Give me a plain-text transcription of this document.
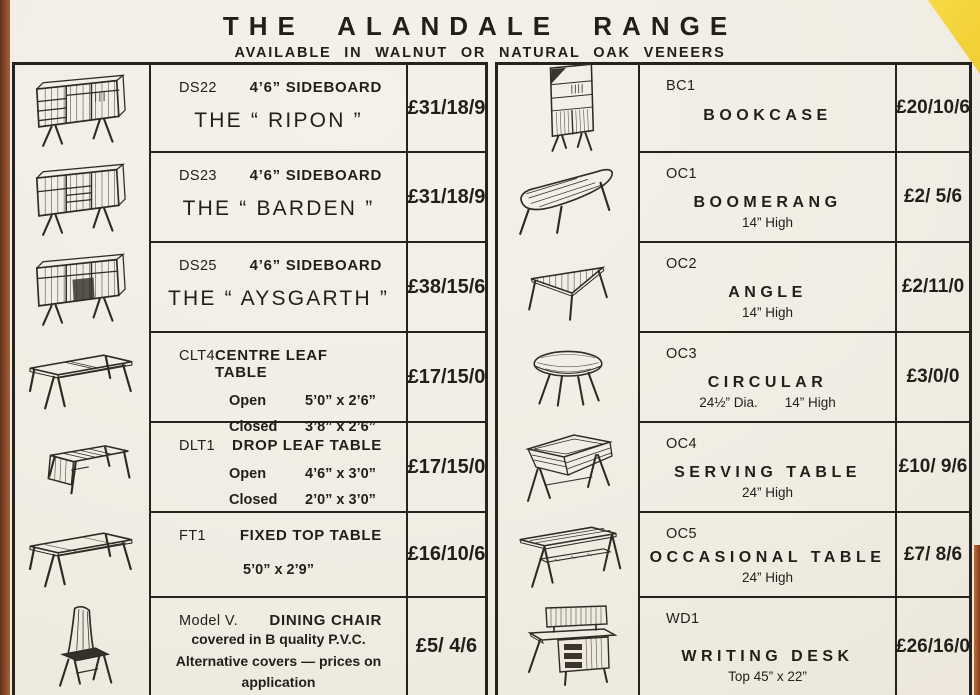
THE ALANDALE RANGE
AVAILABLE IN WALNUT OR NATURAL OAK VENEERS
DS22 4’6” SIDEBOARD
THE “ RIPON ”
£31/18/9
DS23 4’6” SIDEBOARD
THE “ BARDEN ”
£31/18/9
DS25 4’6” SIDEBOARD
THE “ AYSGARTH ”
£38/15/6
CLT4 CENTRE LEAF TABLE
Open	5’0” x 2’6”
Closed 3’8” x 2’6”
£17/15/0
DLT1 DROP LEAF TABLE
Open	4’6” x 3’0”
Closed 2’0” x 3’0”
£17/15/0
FT1 FIXED TOP TABLE
5’0” x 2’9”
£16/10/6
Model V. DINING CHAIR
covered in B quality P.V.C.
Alternative covers — prices on
application
£5/ 4/6
BC1
BOOKCASE	£20/10/6
OC1
BOOMERANG
14” High
£2/ 5/6
OC2
ANGLE
14” High
£2/11/0
OC3
CIRCULAR
24½” Dia.  14” High
£3/0/0
OC4
SERVING TABLE
24” High
£10/ 9/6
OC5
OCCASIONAL TABLE
24” High
£7/ 8/6
WD1
WRITING DESK
Top 45” x 22”
£26/16/0
